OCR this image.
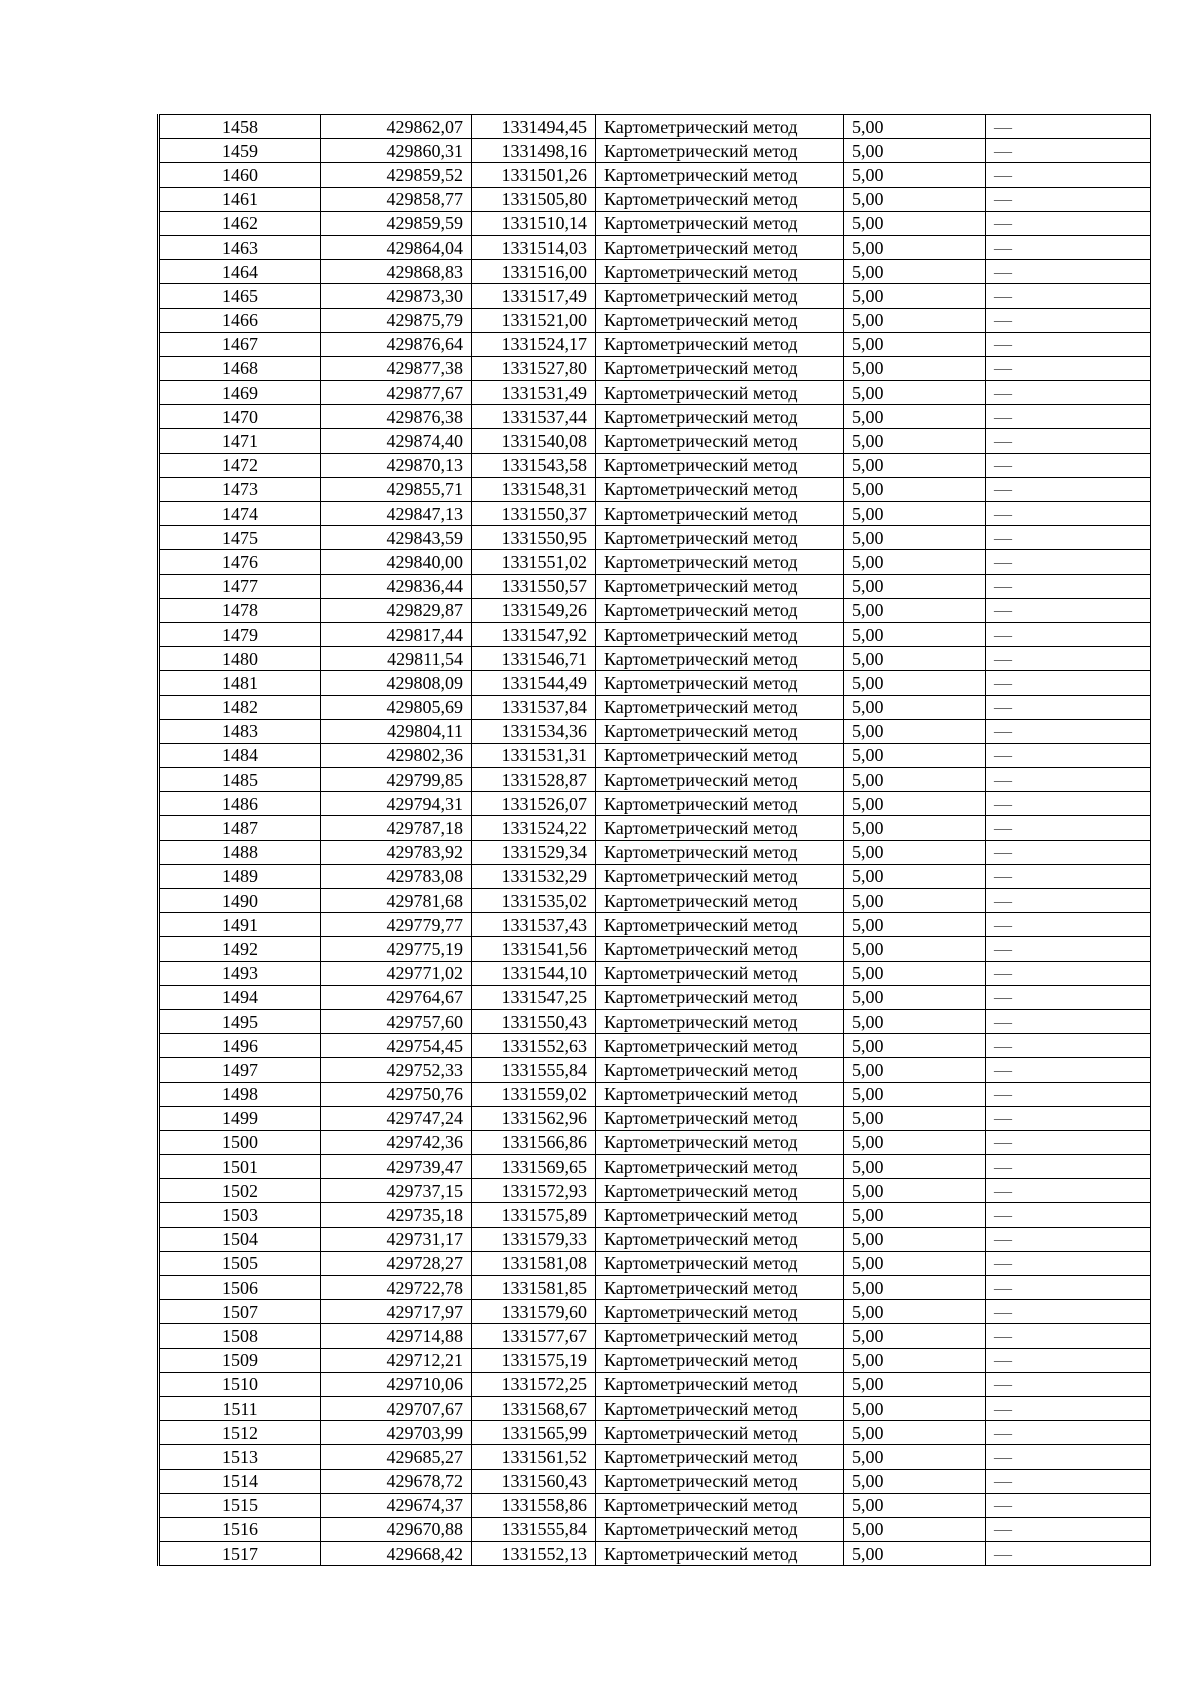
1458	429862,07	1331494,45	Картометрический метод	5,00	—
1459	429860,31	1331498,16	Картометрический метод	5,00	—
1460	429859,52	1331501,26	Картометрический метод	5,00	—
1461	429858,77	1331505,80	Картометрический метод	5,00	—
1462	429859,59	1331510,14	Картометрический метод	5,00	—
1463	429864,04	1331514,03	Картометрический метод	5,00	—
1464	429868,83	1331516,00	Картометрический метод	5,00	—
1465	429873,30	1331517,49	Картометрический метод	5,00	—
1466	429875,79	1331521,00	Картометрический метод	5,00	—
1467	429876,64	1331524,17	Картометрический метод	5,00	—
1468	429877,38	1331527,80	Картометрический метод	5,00	—
1469	429877,67	1331531,49	Картометрический метод	5,00	—
1470	429876,38	1331537,44	Картометрический метод	5,00	—
1471	429874,40	1331540,08	Картометрический метод	5,00	—
1472	429870,13	1331543,58	Картометрический метод	5,00	—
1473	429855,71	1331548,31	Картометрический метод	5,00	—
1474	429847,13	1331550,37	Картометрический метод	5,00	—
1475	429843,59	1331550,95	Картометрический метод	5,00	—
1476	429840,00	1331551,02	Картометрический метод	5,00	—
1477	429836,44	1331550,57	Картометрический метод	5,00	—
1478	429829,87	1331549,26	Картометрический метод	5,00	—
1479	429817,44	1331547,92	Картометрический метод	5,00	—
1480	429811,54	1331546,71	Картометрический метод	5,00	—
1481	429808,09	1331544,49	Картометрический метод	5,00	—
1482	429805,69	1331537,84	Картометрический метод	5,00	—
1483	429804,11	1331534,36	Картометрический метод	5,00	—
1484	429802,36	1331531,31	Картометрический метод	5,00	—
1485	429799,85	1331528,87	Картометрический метод	5,00	—
1486	429794,31	1331526,07	Картометрический метод	5,00	—
1487	429787,18	1331524,22	Картометрический метод	5,00	—
1488	429783,92	1331529,34	Картометрический метод	5,00	—
1489	429783,08	1331532,29	Картометрический метод	5,00	—
1490	429781,68	1331535,02	Картометрический метод	5,00	—
1491	429779,77	1331537,43	Картометрический метод	5,00	—
1492	429775,19	1331541,56	Картометрический метод	5,00	—
1493	429771,02	1331544,10	Картометрический метод	5,00	—
1494	429764,67	1331547,25	Картометрический метод	5,00	—
1495	429757,60	1331550,43	Картометрический метод	5,00	—
1496	429754,45	1331552,63	Картометрический метод	5,00	—
1497	429752,33	1331555,84	Картометрический метод	5,00	—
1498	429750,76	1331559,02	Картометрический метод	5,00	—
1499	429747,24	1331562,96	Картометрический метод	5,00	—
1500	429742,36	1331566,86	Картометрический метод	5,00	—
1501	429739,47	1331569,65	Картометрический метод	5,00	—
1502	429737,15	1331572,93	Картометрический метод	5,00	—
1503	429735,18	1331575,89	Картометрический метод	5,00	—
1504	429731,17	1331579,33	Картометрический метод	5,00	—
1505	429728,27	1331581,08	Картометрический метод	5,00	—
1506	429722,78	1331581,85	Картометрический метод	5,00	—
1507	429717,97	1331579,60	Картометрический метод	5,00	—
1508	429714,88	1331577,67	Картометрический метод	5,00	—
1509	429712,21	1331575,19	Картометрический метод	5,00	—
1510	429710,06	1331572,25	Картометрический метод	5,00	—
1511	429707,67	1331568,67	Картометрический метод	5,00	—
1512	429703,99	1331565,99	Картометрический метод	5,00	—
1513	429685,27	1331561,52	Картометрический метод	5,00	—
1514	429678,72	1331560,43	Картометрический метод	5,00	—
1515	429674,37	1331558,86	Картометрический метод	5,00	—
1516	429670,88	1331555,84	Картометрический метод	5,00	—
1517	429668,42	1331552,13	Картометрический метод	5,00	—
